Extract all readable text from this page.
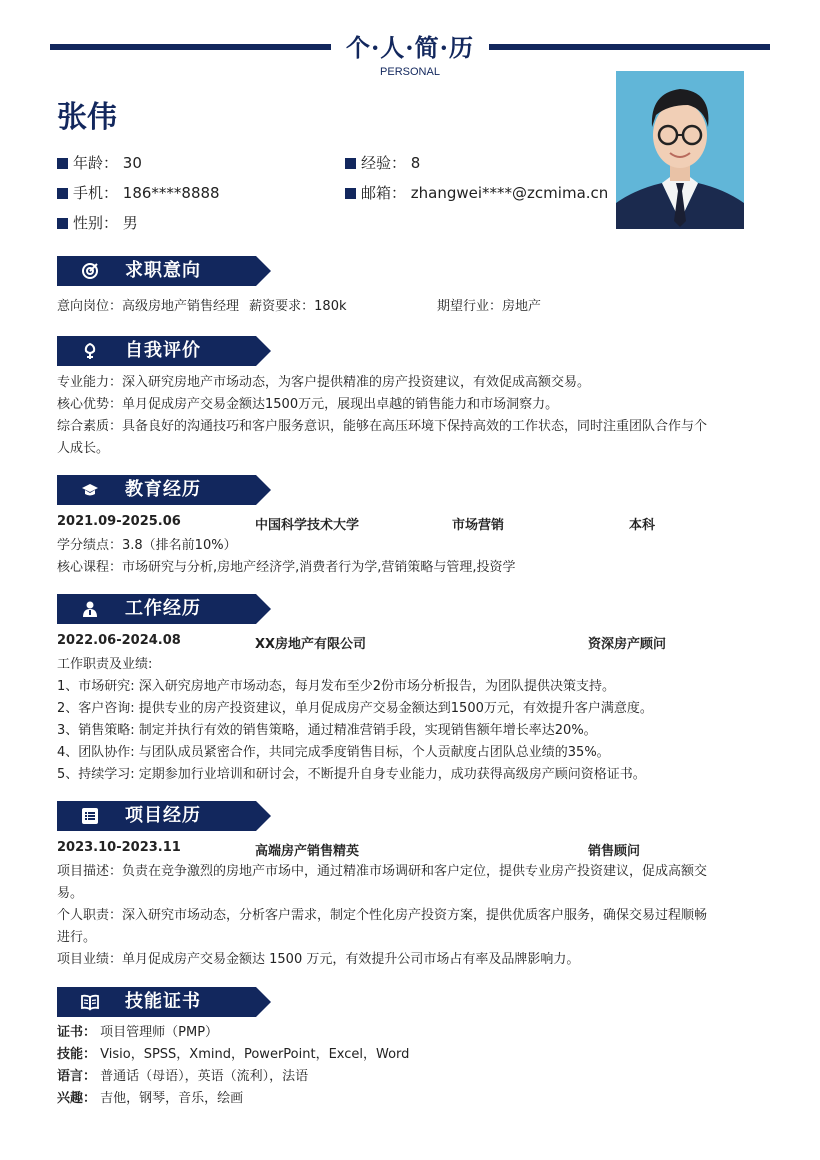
个·人·简·历
PERSONAL
张伟
年龄： 30	经验： 8
手机： 186****8888	邮箱： zhangwei****@zcmima.cn
性别： 男
求职意向
意向岗位：高级房地产销售经理 薪资要求：180k	期望行业：房地产
自我评价
专业能力：深入研究房地产市场动态，为客户提供精准的房产投资建议，有效促成高额交易。
核心优势：单月促成房产交易金额达1500万元，展现出卓越的销售能力和市场洞察力。
综合素质：具备良好的沟通技巧和客户服务意识，能够在高压环境下保持高效的工作状态，同时注重团队合作与个
人成长。
教育经历
2021.09-2025.06	中国科学技术大学	市场营销	本科
学分绩点：3.8（排名前10%）
核心课程：市场研究与分析,房地产经济学,消费者行为学,营销策略与管理,投资学
工作经历
2022.06-2024.08	XX房地产有限公司	资深房产顾问
工作职责及业绩:
1、市场研究: 深入研究房地产市场动态，每月发布至少2份市场分析报告，为团队提供决策支持。
2、客户咨询: 提供专业的房产投资建议，单月促成房产交易金额达到1500万元，有效提升客户满意度。
3、销售策略: 制定并执行有效的销售策略，通过精准营销手段，实现销售额年增长率达20%。
4、团队协作: 与团队成员紧密合作，共同完成季度销售目标，个人贡献度占团队总业绩的35%。
5、持续学习: 定期参加行业培训和研讨会，不断提升自身专业能力，成功获得高级房产顾问资格证书。
项目经历
2023.10-2023.11	高端房产销售精英	销售顾问
项目描述：负责在竞争激烈的房地产市场中，通过精准市场调研和客户定位，提供专业房产投资建议，促成高额交
易。
个人职责：深入研究市场动态，分析客户需求，制定个性化房产投资方案，提供优质客户服务，确保交易过程顺畅
进行。
项目业绩：单月促成房产交易金额达 1500 万元，有效提升公司市场占有率及品牌影响力。
技能证书
证书： 项目管理师（PMP）
技能： Visio，SPSS，Xmind，PowerPoint，Excel，Word
语言： 普通话（母语），英语（流利），法语
兴趣： 吉他，钢琴，音乐，绘画
